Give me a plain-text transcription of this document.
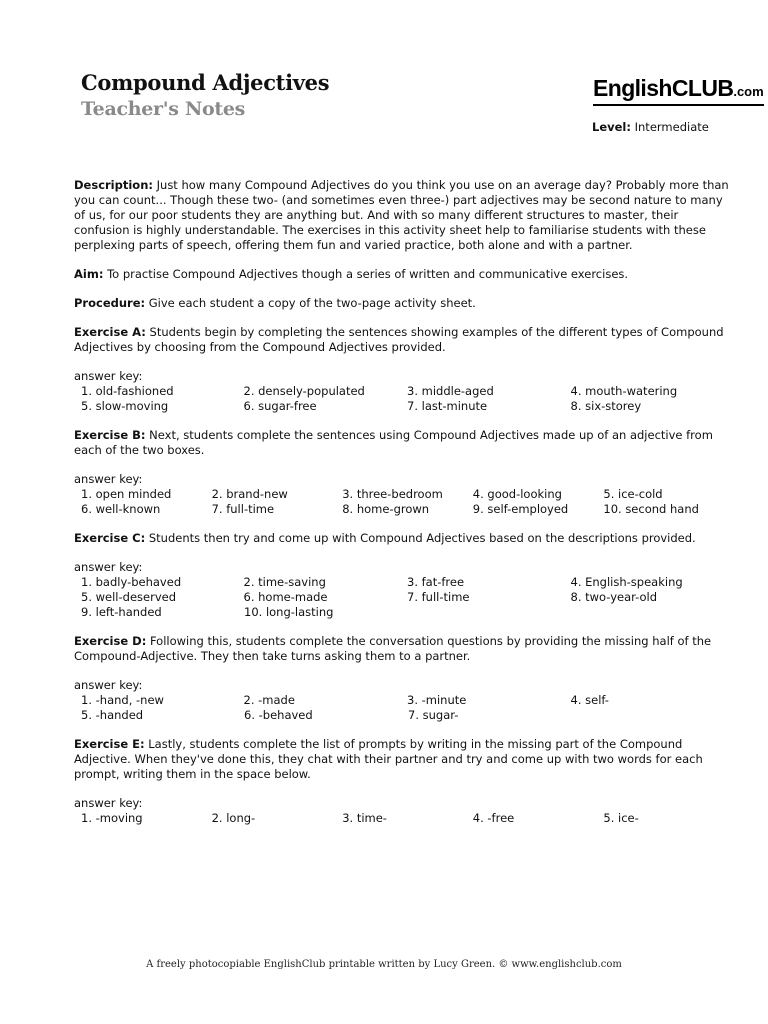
Compound Adjectives
Teacher's Notes
EnglishCLUB.com
Level: Intermediate

Description: Just how many Compound Adjectives do you think you use on an average day? Probably more than you can count... Though these two- (and sometimes even three-) part adjectives may be second nature to many of us, for our poor students they are anything but. And with so many different structures to master, their confusion is highly understandable. The exercises in this activity sheet help to familiarise students with these perplexing parts of speech, offering them fun and varied practice, both alone and with a partner.

Aim: To practise Compound Adjectives though a series of written and communicative exercises.

Procedure: Give each student a copy of the two-page activity sheet.

Exercise A: Students begin by completing the sentences showing examples of the different types of Compound Adjectives by choosing from the Compound Adjectives provided.

answer key:

1. old-fashioned	2. densely-populated	3. middle-aged	4. mouth-watering
5. slow-moving	6. sugar-free	7. last-minute	8. six-storey

Exercise B: Next, students complete the sentences using Compound Adjectives made up of an adjective from each of the two boxes.

answer key:

1. open minded	2. brand-new	3. three-bedroom	4. good-looking	5. ice-cold
6. well-known	7. full-time	8. home-grown	9. self-employed	10. second hand

Exercise C: Students then try and come up with Compound Adjectives based on the descriptions provided.

answer key:

1. badly-behaved	2. time-saving	3. fat-free	4. English-speaking
5. well-deserved	6. home-made	7. full-time	8. two-year-old
9. left-handed	10. long-lasting

Exercise D: Following this, students complete the conversation questions by providing the missing half of the Compound-Adjective. They then take turns asking them to a partner.

answer key:

1. -hand, -new	2. -made	3. -minute	4. self-
5. -handed	6. -behaved	7. sugar-

Exercise E: Lastly, students complete the list of prompts by writing in the missing part of the Compound Adjective. When they've done this, they chat with their partner and try and come up with two words for each prompt, writing them in the space below.

answer key:

1. -moving	2. long-	3. time-	4. -free	5. ice-
A freely photocopiable EnglishClub printable written by Lucy Green. © www.englishclub.com
